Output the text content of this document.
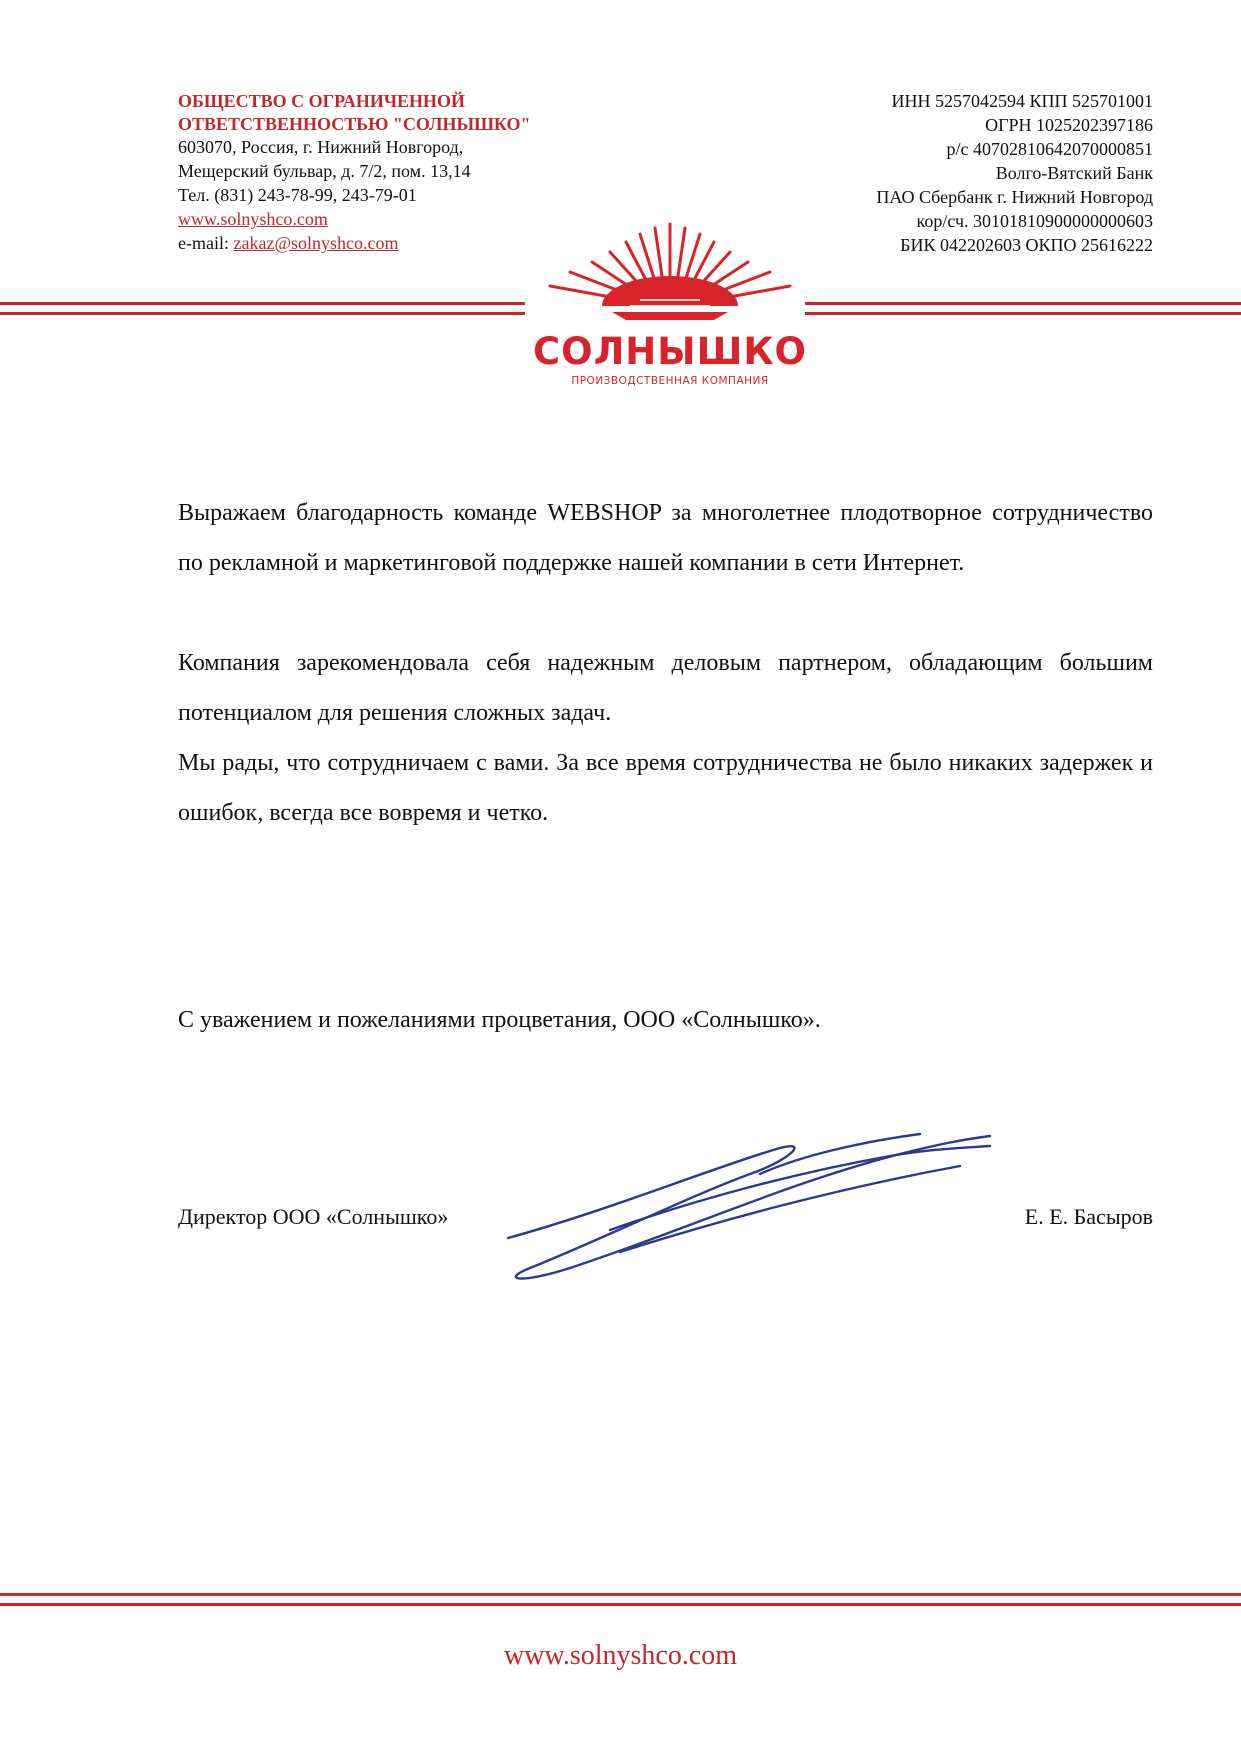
ОБЩЕСТВО С ОГРАНИЧЕННОЙ
ОТВЕТСТВЕННОСТЬЮ "СОЛНЫШКО"
603070, Россия, г. Нижний Новгород,
Мещерский бульвар, д. 7/2, пом. 13,14
Тел. (831) 243-78-99, 243-79-01
www.solnyshco.com
e-mail: zakaz@solnyshco.com
ИНН 5257042594 КПП 525701001
ОГРН 1025202397186
р/с 40702810642070000851
Волго-Вятский Банк
ПАО Сбербанк г. Нижний Новгород
кор/сч. 30101810900000000603
БИК 042202603 ОКПО 25616222
СОЛНЫШКО
ПРОИЗВОДСТВЕННАЯ КОМПАНИЯ
Выражаем благодарность команде WEBSHOP за многолетнее плодотворное сотрудничество по рекламной и маркетинговой поддержке нашей компании в сети Интернет.
Компания зарекомендовала себя надежным деловым партнером, обладающим большим потенциалом для решения сложных задач.
Мы рады, что сотрудничаем с вами. За все время сотрудничества не было никаких задержек и ошибок, всегда все вовремя и четко.
С уважением и пожеланиями процветания, ООО «Солнышко».
Директор ООО «Солнышко»	Е. Е. Басыров
www.solnyshco.com
